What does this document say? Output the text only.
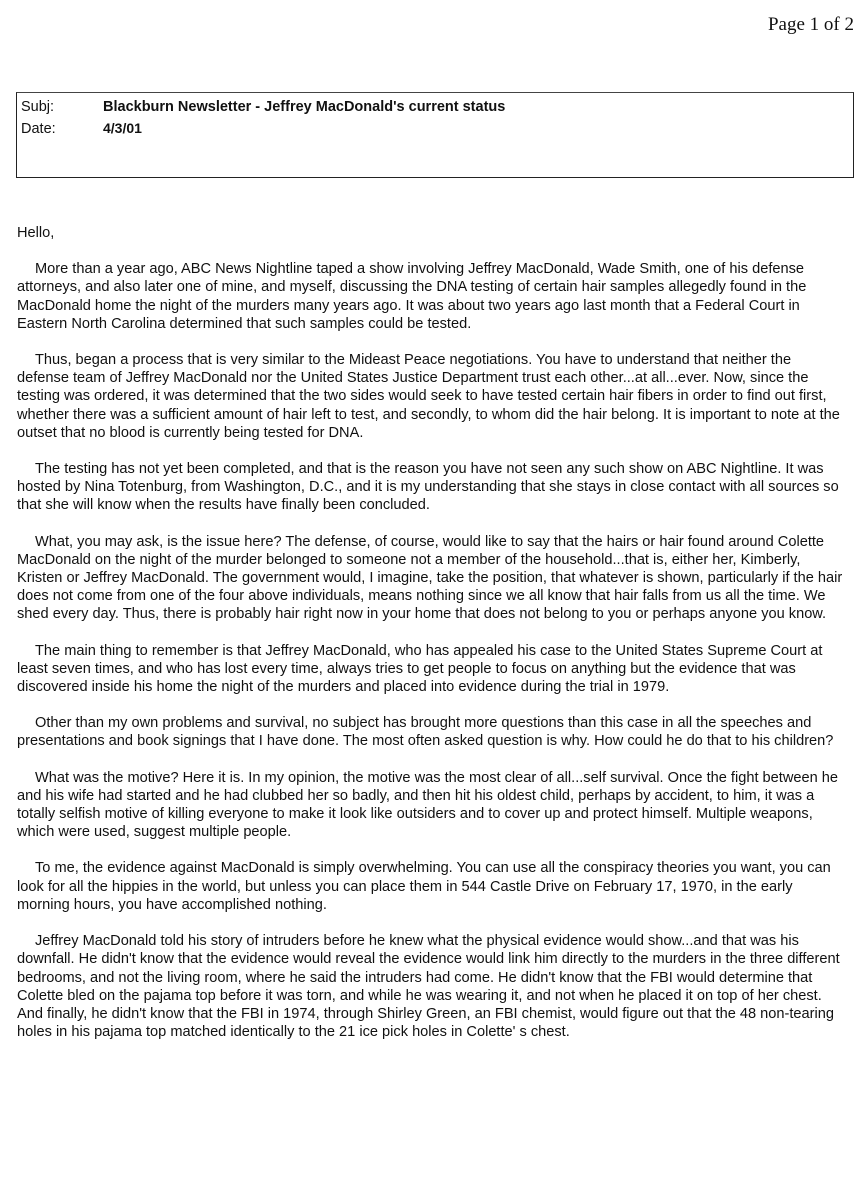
Page 1 of 2
Subj:	Blackburn Newsletter - Jeffrey MacDonald's current status
Date:	4/3/01

Hello,

More than a year ago, ABC News Nightline taped a show involving Jeffrey MacDonald, Wade Smith, one of his defense attorneys, and also later one of mine, and myself, discussing the DNA testing of certain hair samples allegedly found in the MacDonald home the night of the murders many years ago. It was about two years ago last month that a Federal Court in Eastern North Carolina determined that such samples could be tested.

Thus, began a process that is very similar to the Mideast Peace negotiations. You have to understand that neither the defense team of Jeffrey MacDonald nor the United States Justice Department trust each other...at all...ever. Now, since the testing was ordered, it was determined that the two sides would seek to have tested certain hair fibers in order to find out first, whether there was a sufficient amount of hair left to test, and secondly, to whom did the hair belong. It is important to note at the outset that no blood is currently being tested for DNA.

The testing has not yet been completed, and that is the reason you have not seen any such show on ABC Nightline. It was hosted by Nina Totenburg, from Washington, D.C., and it is my understanding that she stays in close contact with all sources so that she will know when the results have finally been concluded.

What, you may ask, is the issue here? The defense, of course, would like to say that the hairs or hair found around Colette MacDonald on the night of the murder belonged to someone not a member of the household...that is, either her, Kimberly, Kristen or Jeffrey MacDonald. The government would, I imagine, take the position, that whatever is shown, particularly if the hair does not come from one of the four above individuals, means nothing since we all know that hair falls from us all the time. We shed every day. Thus, there is probably hair right now in your home that does not belong to you or perhaps anyone you know.

The main thing to remember is that Jeffrey MacDonald, who has appealed his case to the United States Supreme Court at least seven times, and who has lost every time, always tries to get people to focus on anything but the evidence that was discovered inside his home the night of the murders and placed into evidence during the trial in 1979.

Other than my own problems and survival, no subject has brought more questions than this case in all the speeches and presentations and book signings that I have done. The most often asked question is why. How could he do that to his children?

What was the motive? Here it is. In my opinion, the motive was the most clear of all...self survival. Once the fight between he and his wife had started and he had clubbed her so badly, and then hit his oldest child, perhaps by accident, to him, it was a totally selfish motive of killing everyone to make it look like outsiders and to cover up and protect himself. Multiple weapons, which were used, suggest multiple people.

To me, the evidence against MacDonald is simply overwhelming. You can use all the conspiracy theories you want, you can look for all the hippies in the world, but unless you can place them in 544 Castle Drive on February 17, 1970, in the early morning hours, you have accomplished nothing.

Jeffrey MacDonald told his story of intruders before he knew what the physical evidence would show...and that was his downfall. He didn't know that the evidence would reveal the evidence would link him directly to the murders in the three different bedrooms, and not the living room, where he said the intruders had come. He didn't know that the FBI would determine that Colette bled on the pajama top before it was torn, and while he was wearing it, and not when he placed it on top of her chest. And finally, he didn't know that the FBI in 1974, through Shirley Green, an FBI chemist, would figure out that the 48 non-tearing holes in his pajama top matched identically to the 21 ice pick holes in Colette' s chest.
